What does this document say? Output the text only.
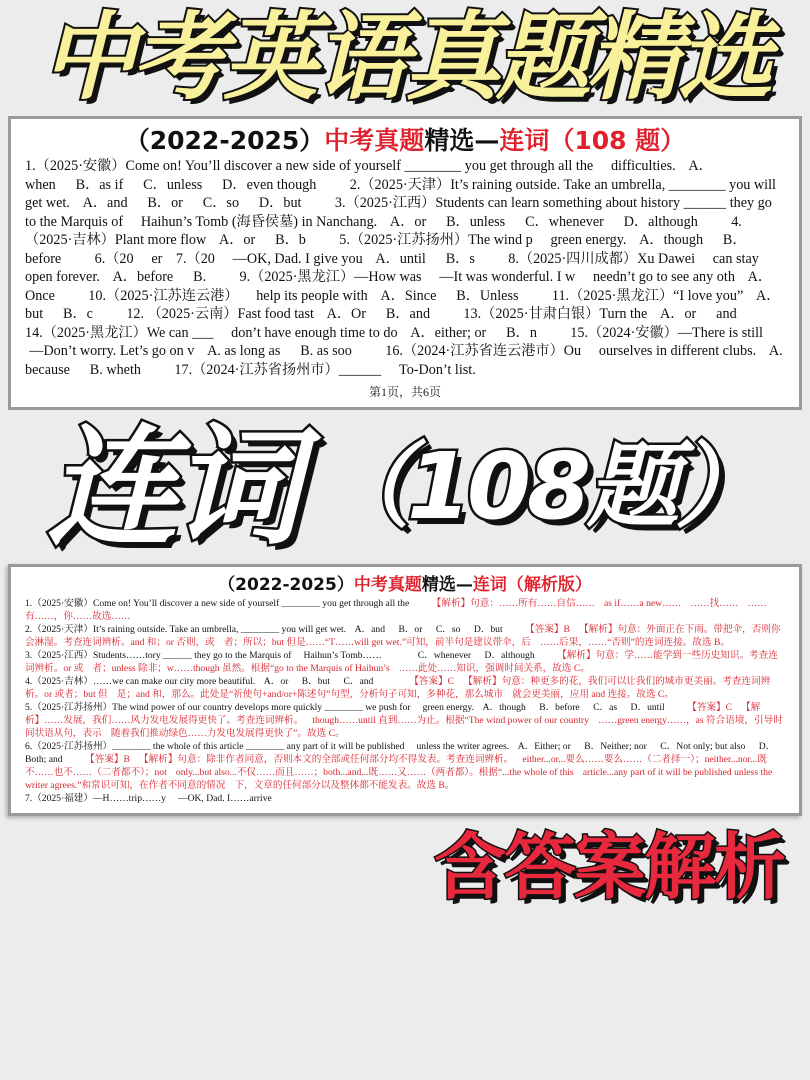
中考英语真题精选
（2022-2025）中考真题精选—连词（108 题）
1.（2025·安徽）Come on! You’ll discover a new side of yourself ________ you get through all the difficulties. A．when B．as if C．unless D．even though 2.（2025·天津）It’s raining outside. Take an umbrella, ________ you will get wet. A．and B．or C．so D．but 3.（2025·江西）Students can learn something about history ______ they go to the Marquis of Haihun’s Tomb (海昏侯墓) in Nanchang. A．or B．unless C．whenever D．although 4.（2025·吉林）Plant more flow A．or B．b 5.（2025·江苏扬州）The wind p green energy. A．though B．before 6.（20 er 7.（20 —OK, Dad. I give you A．until B．s 8.（2025·四川成都）Xu Dawei can stay open forever. A．before B. 9.（2025·黑龙江）—How was —It was wonderful. I w needn’t go to see any oth A．Once 10.（2025·江苏连云港） help its people with A．Since B．Unless 11.（2025·黑龙江）“I love you” A．but B．c 12. （2025·云南）Fast food tast A．Or B．and 13.（2025·甘肃白银）Turn the A．or and 14.（2025·黑龙江）We can ___ don’t have enough time to do A．either; or B．n 15.（2024·安徽）—There is still —Don’t worry. Let’s go on v A. as long as B. as soo 16.（2024·江苏省连云港市）Ou ourselves in different clubs. A. because B. wheth 17.（2024·江苏省扬州市）______ To-Don’t list.
第1页，共6页
连词 （108题）
（2022-2025）中考真题精选—连词（解析版）
1.（2025·安徽）Come on! You’ll discover a new side of yourself ________ you get through all the 【解析】句意：……所有……自信…… as if……a new…… ……找…… ……有……，你……故选…… 2.（2025·天津）It’s raining outside. Take an umbrella, ________ you will get wet. A．and B．or C．so D．but 【答案】B 【解析】句意：外面正在下雨。带把伞，否则你会淋湿。考查连词辨析。and 和；or 否则，或 者；所以；but 但是……“T……will get wet.”可知，前半句是建议带伞，后 ……后果，……“否则”的连词连接。故选 B。 3.（2025·江西）Students……tory ______ they go to the Marquis of Haihun’s Tomb……	C．whenever D．although 【解析】句意：学……能学到一些历史知识。考查连词辨析。or 或 者；unless 除非；w……though 虽然。根据“go to the Marquis of Haihun’s ……此处……知识，强调时间关系，故选 C。 4.（2025·吉林）……we can make our city more beautiful. A．or B．but C．and	【答案】C 【解析】句意：种更多的花，我们可以让我们的城市更美丽。考查连词辨析。or 或者；but 但 是；and 和，那么。此处是“祈使句+and/or+陈述句”句型，分析句子可知，多种花，那么城市 就会更美丽，应用 and 连接。故选 C。 5.（2025·江苏扬州）The wind power of our country develops more quickly ________ we push for green energy. A．though B．before C．as D．until 【答案】C 【解析】……发展，我们……风力发电发展得更快了。考查连词辨析。 though……until 直到……为止。根据“The wind power of our country ……green energy……，as 符合语境，引导时间状语从句，表示 随着我们推动绿色……力发电发展得更快了”。故选 C。 6.（2025·江苏扬州）________ the whole of this article ________ any part of it will be published unless the writer agrees. A．Either; or B．Neither; nor C．Not only; but also D．Both; and 【答案】B 【解析】句意：除非作者同意，否则本文的全部或任何部分均不得发表。考查连词辨析。 either...or...要么……要么……（二者择一）；neither...nor...既不……也不……（二者都不）；not only...but also...不仅……而且……；both...and...既……又……（两者都）。根据“...the whole of this article...any part of it will be published unless the writer agrees.”和常识可知，在作者不同意的情况 下，文章的任何部分以及整体都不能发表。故选 B。 7.（2025·福建）—H……trip……y —OK, Dad. I……arrive
含答案解析
